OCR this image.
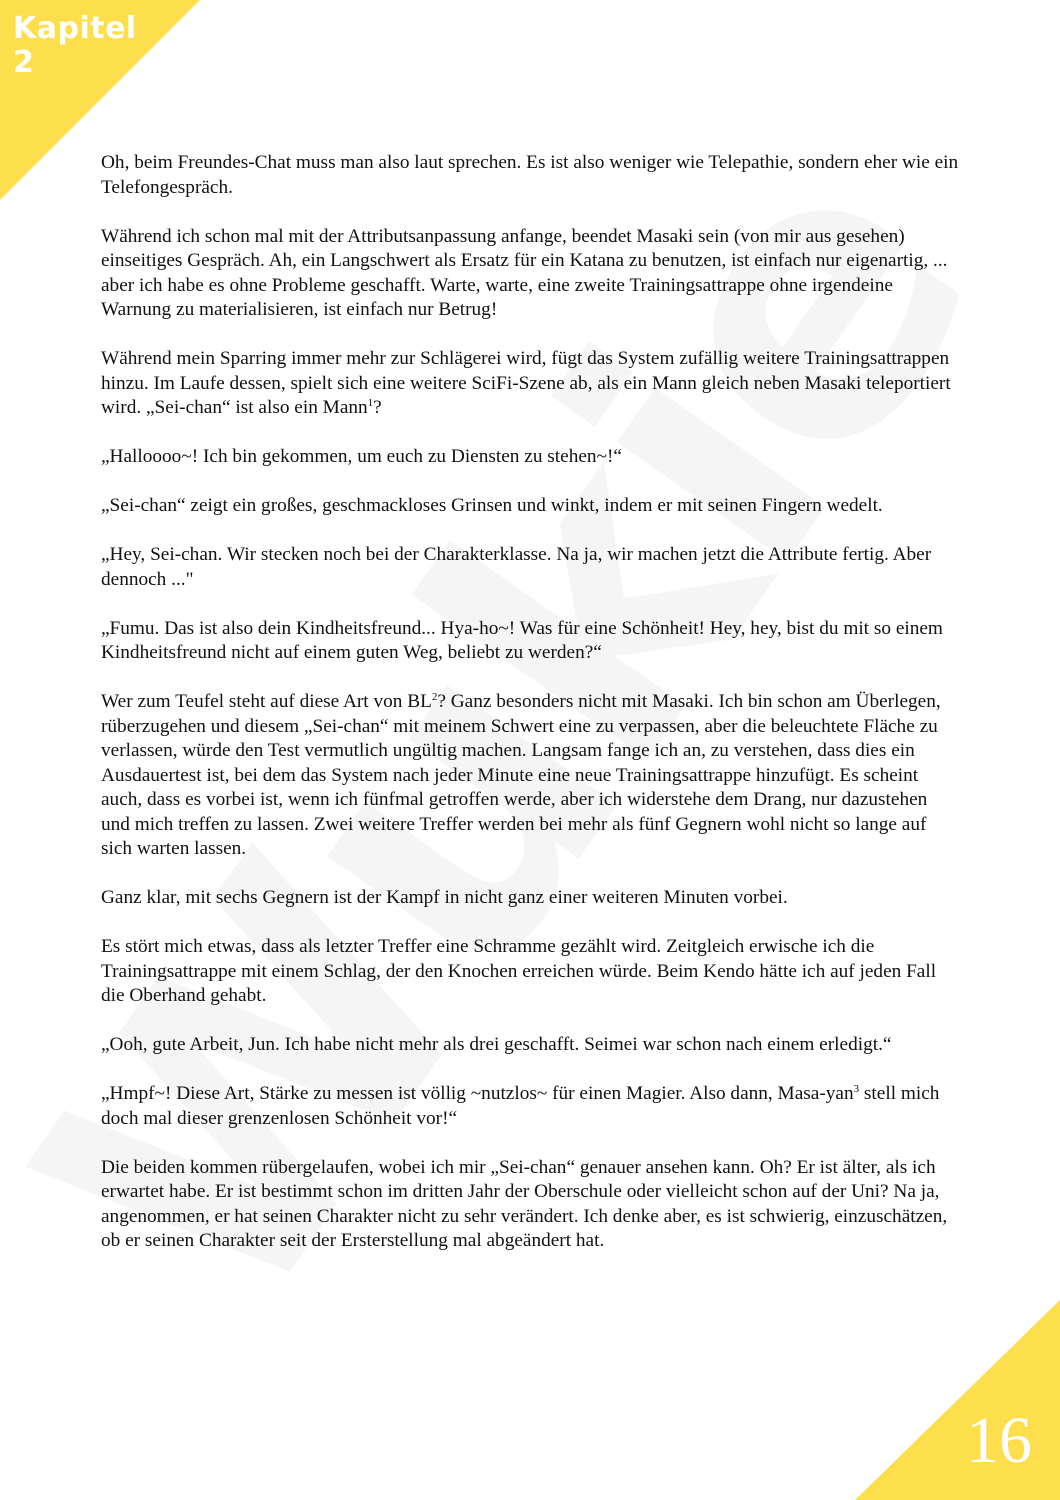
Kapitel
2

Oh, beim Freundes-Chat muss man also laut sprechen. Es ist also weniger wie Telepathie, sondern eher wie ein Telefongespräch.

Während ich schon mal mit der Attributsanpassung anfange, beendet Masaki sein (von mir aus gesehen) einseitiges Gespräch. Ah, ein Langschwert als Ersatz für ein Katana zu benutzen, ist einfach nur eigenartig, ... aber ich habe es ohne Probleme geschafft. Warte, warte, eine zweite Trainingsattrappe ohne irgendeine Warnung zu materialisieren, ist einfach nur Betrug!

Während mein Sparring immer mehr zur Schlägerei wird, fügt das System zufällig weitere Trainingsattrappen hinzu. Im Laufe dessen, spielt sich eine weitere SciFi-Szene ab, als ein Mann gleich neben Masaki teleportiert wird. „Sei-chan“ ist also ein Mann$^1$?

„Halloooo~! Ich bin gekommen, um euch zu Diensten zu stehen~!“

„Sei-chan“ zeigt ein großes, geschmackloses Grinsen und winkt, indem er mit seinen Fingern wedelt.

„Hey, Sei-chan. Wir stecken noch bei der Charakterklasse. Na ja, wir machen jetzt die Attribute fertig. Aber dennoch ..."

„Fumu. Das ist also dein Kindheitsfreund... Hya-ho~! Was für eine Schönheit! Hey, hey, bist du mit so einem Kindheitsfreund nicht auf einem guten Weg, beliebt zu werden?“

Wer zum Teufel steht auf diese Art von $BL^2$? Ganz besonders nicht mit Masaki. Ich bin schon am Überlegen, rüberzugehen und diesem „Sei-chan“ mit meinem Schwert eine zu verpassen, aber die beleuchtete Fläche zu verlassen, würde den Test vermutlich ungültig machen. Langsam fange ich an, zu verstehen, dass dies ein Ausdauertest ist, bei dem das System nach jeder Minute eine neue Trainingsattrappe hinzufügt. Es scheint auch, dass es vorbei ist, wenn ich fünfmal getroffen werde, aber ich widerstehe dem Drang, nur dazustehen und mich treffen zu lassen. Zwei weitere Treffer werden bei mehr als fünf Gegnern wohl nicht so lange auf sich warten lassen.

Ganz klar, mit sechs Gegnern ist der Kampf in nicht ganz einer weiteren Minuten vorbei.

Es stört mich etwas, dass als letzter Treffer eine Schramme gezählt wird. Zeitgleich erwische ich die Trainingsattrappe mit einem Schlag, der den Knochen erreichen würde. Beim Kendo hätte ich auf jeden Fall die Oberhand gehabt.

„Ooh, gute Arbeit, Jun. Ich habe nicht mehr als drei geschafft. Seimei war schon nach einem erledigt.“

„Hmpf~! Diese Art, Stärke zu messen ist völlig ~nutzlos~ für einen Magier. Also dann, Masa-yan$^3$ stell mich doch mal dieser grenzenlosen Schönheit vor!“

Die beiden kommen rübergelaufen, wobei ich mir „Sei-chan“ genauer ansehen kann. Oh? Er ist älter, als ich erwartet habe. Er ist bestimmt schon im dritten Jahr der Oberschule oder vielleicht schon auf der Uni? Na ja, angenommen, er hat seinen Charakter nicht zu sehr verändert. Ich denke aber, es ist schwierig, einzuschätzen, ob er seinen Charakter seit der Ersterstellung mal abgeändert hat.

16
